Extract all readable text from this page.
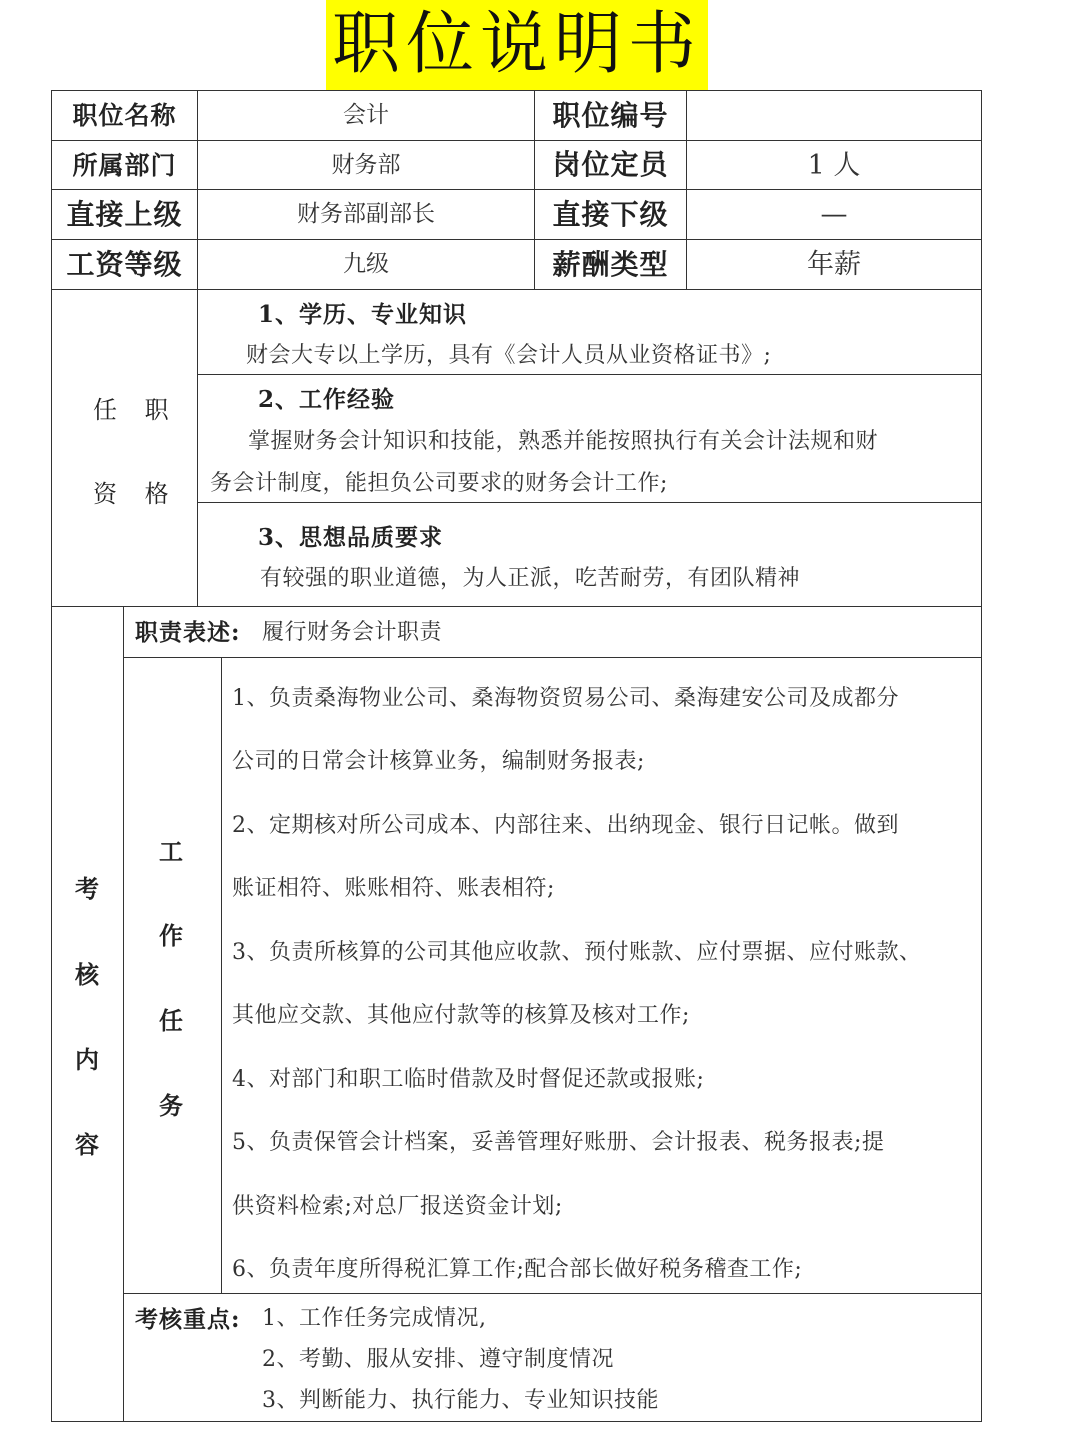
职位说明书
职位名称	会计	职位编号
所属部门	财务部	岗位定员	1 人
直接上级	财务部副部长	直接下级	—
工资等级	九级	薪酬类型	年薪
任 职
资 格
1、学历、专业知识
财会大专以上学历，具有《会计人员从业资格证书》;
2、工作经验
掌握财务会计知识和技能，熟悉并能按照执行有关会计法规和财
务会计制度，能担负公司要求的财务会计工作;
3、思想品质要求
有较强的职业道德，为人正派，吃苦耐劳，有团队精神
考
核
内
容
职责表述: 履行财务会计职责
工
作
任
务
1、负责桑海物业公司、桑海物资贸易公司、桑海建安公司及成都分
公司的日常会计核算业务，编制财务报表;
2、定期核对所公司成本、内部往来、出纳现金、银行日记帐。做到
账证相符、账账相符、账表相符;
3、负责所核算的公司其他应收款、预付账款、应付票据、应付账款、
其他应交款、其他应付款等的核算及核对工作;
4、对部门和职工临时借款及时督促还款或报账;
5、负责保管会计档案，妥善管理好账册、会计报表、税务报表;提
供资料检索;对总厂报送资金计划;
6、负责年度所得税汇算工作;配合部长做好税务稽查工作;
考核重点: 1、工作任务完成情况,
2、考勤、服从安排、遵守制度情况
3、判断能力、执行能力、专业知识技能
